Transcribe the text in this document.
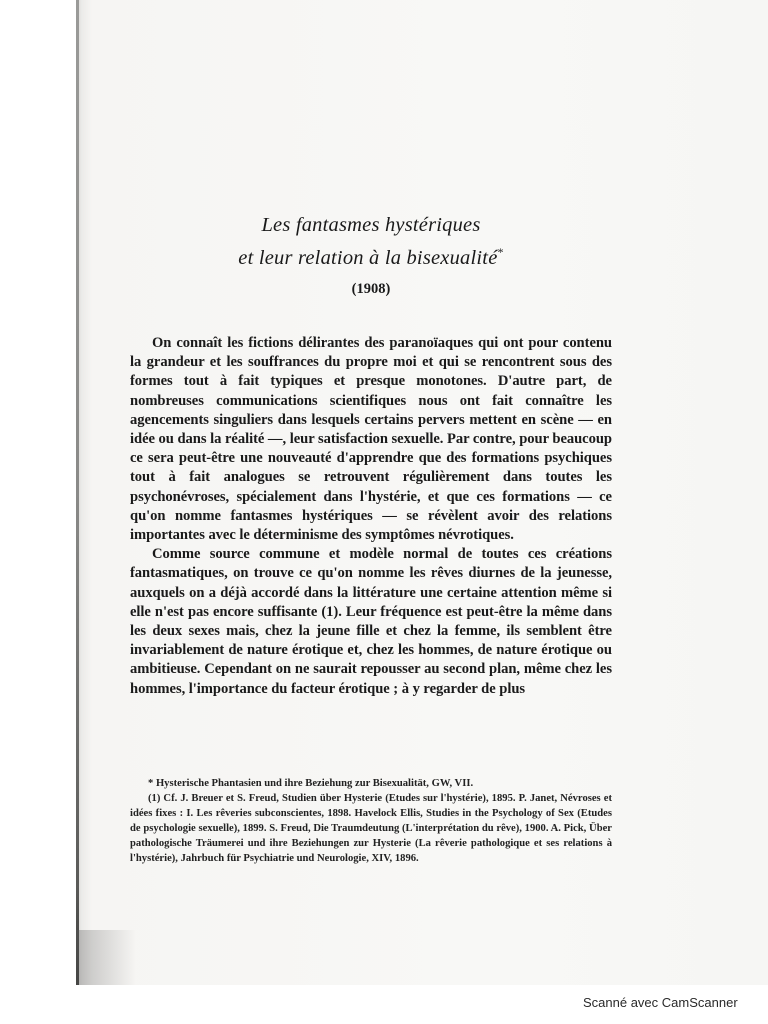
Les fantasmes hystériques
et leur relation à la bisexualité*
(1908)

On connaît les fictions délirantes des paranoïaques qui ont pour contenu la grandeur et les souffrances du propre moi et qui se rencontrent sous des formes tout à fait typiques et presque monotones. D'autre part, de nombreuses communications scientifiques nous ont fait connaître les agencements singuliers dans lesquels certains pervers mettent en scène — en idée ou dans la réalité —, leur satisfaction sexuelle. Par contre, pour beaucoup ce sera peut-être une nouveauté d'apprendre que des formations psychiques tout à fait analogues se retrouvent régulièrement dans toutes les psychonévroses, spécialement dans l'hystérie, et que ces formations — ce qu'on nomme fantasmes hystériques — se révèlent avoir des relations importantes avec le déterminisme des symptômes névrotiques.

Comme source commune et modèle normal de toutes ces créations fantasmatiques, on trouve ce qu'on nomme les rêves diurnes de la jeunesse, auxquels on a déjà accordé dans la littérature une certaine attention même si elle n'est pas encore suffisante (1). Leur fréquence est peut-être la même dans les deux sexes mais, chez la jeune fille et chez la femme, ils semblent être invariablement de nature érotique et, chez les hommes, de nature érotique ou ambitieuse. Cependant on ne saurait repousser au second plan, même chez les hommes, l'importance du facteur érotique ; à y regarder de plus

* Hysterische Phantasien und ihre Beziehung zur Bisexualität, GW, VII.

(1) Cf. J. Breuer et S. Freud, Studien über Hysterie (Etudes sur l'hystérie), 1895. P. Janet, Névroses et idées fixes : I. Les rêveries subconscientes, 1898. Havelock Ellis, Studies in the Psychology of Sex (Etudes de psychologie sexuelle), 1899. S. Freud, Die Traumdeutung (L'interprétation du rêve), 1900. A. Pick, Über pathologische Träumerei und ihre Beziehungen zur Hysterie (La rêverie pathologique et ses relations à l'hystérie), Jahrbuch für Psychiatrie und Neurologie, XIV, 1896.

Scanné avec CamScanner
